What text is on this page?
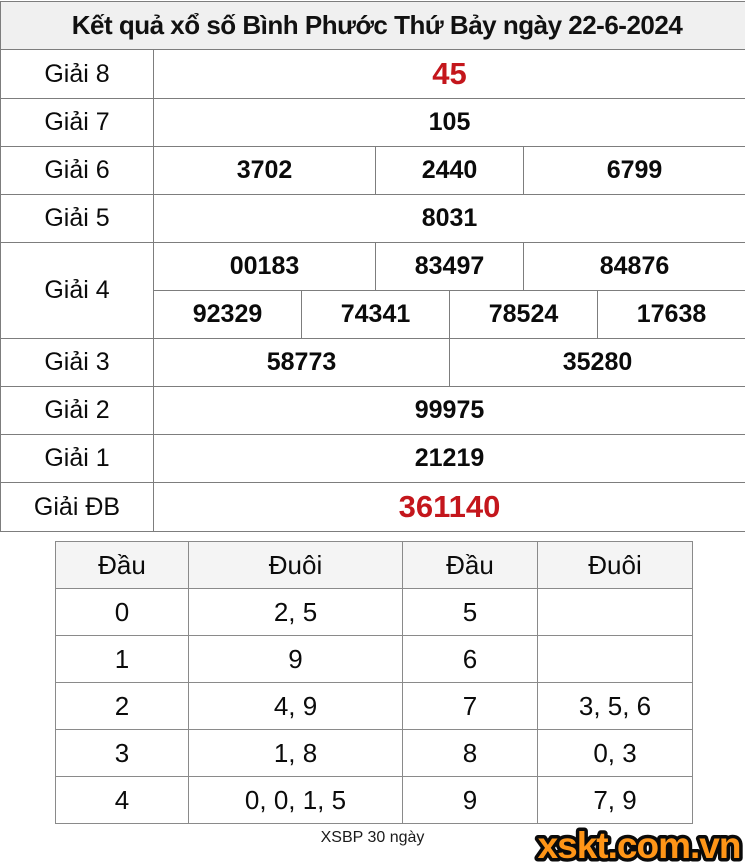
Kết quả xổ số Bình Phước Thứ Bảy ngày 22-6-2024						
Giải 8	45					
Giải 7	105					
Giải 6	3702		2440		6799	
Giải 5	8031					
Giải 4	00183		83497		84876	
	92329	74341		78524		17638
Giải 3	58773			35280		
Giải 2	99975					
Giải 1	21219					
Giải ĐB	361140					
Đầu	Đuôi	Đầu	Đuôi
0	2, 5	5	
1	9	6	
2	4, 9	7	3, 5, 6
3	1, 8	8	0, 3
4	0, 0, 1, 5	9	7, 9
XSBP 30 ngày	xskt.com.vn
